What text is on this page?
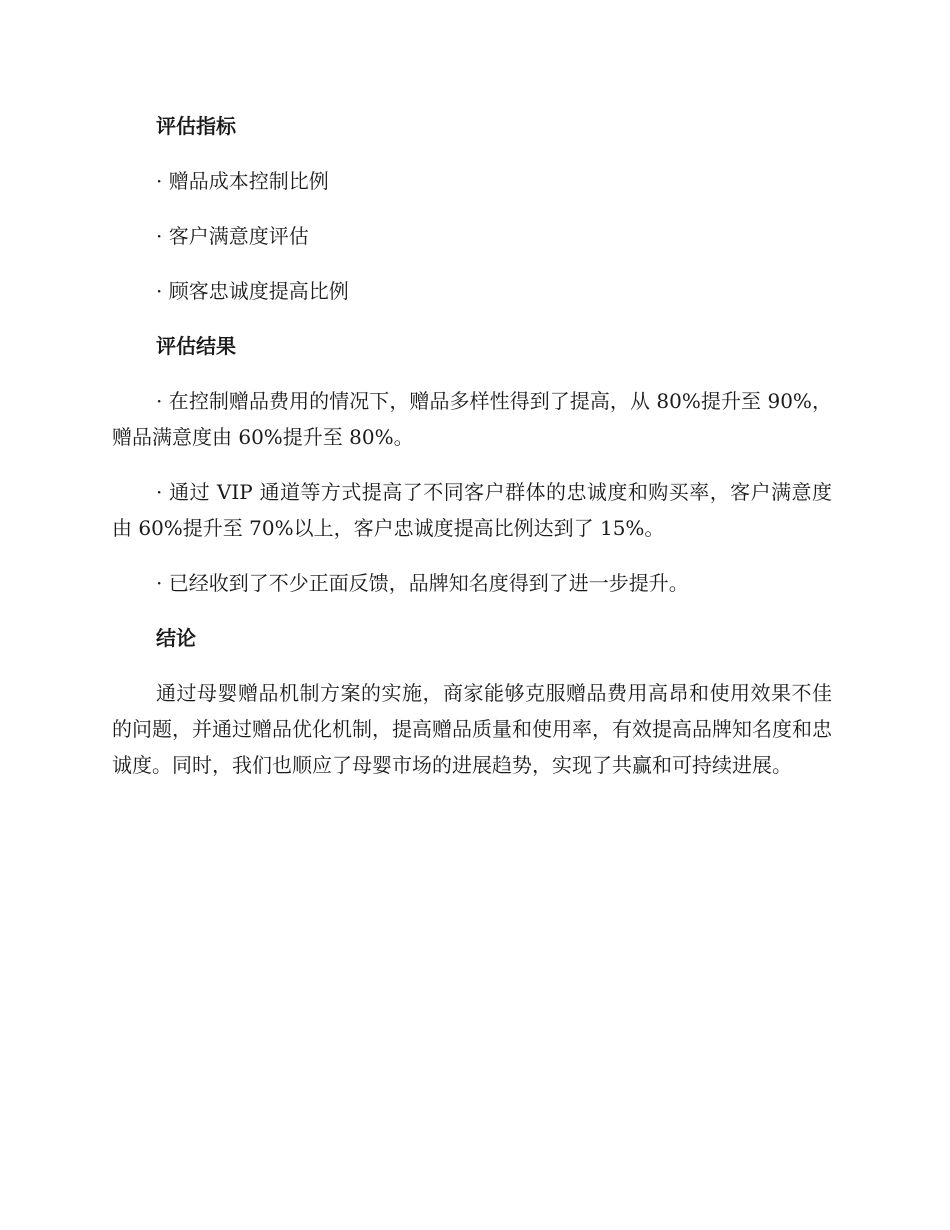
评估指标
· 赠品成本控制比例
· 客户满意度评估
· 顾客忠诚度提高比例
评估结果
· 在控制赠品费用的情况下，赠品多样性得到了提高，从 80%提升至 90%，赠品满意度由 60%提升至 80%。
· 通过 VIP 通道等方式提高了不同客户群体的忠诚度和购买率，客户满意度由 60%提升至 70%以上，客户忠诚度提高比例达到了 15%。
· 已经收到了不少正面反馈，品牌知名度得到了进一步提升。
结论
通过母婴赠品机制方案的实施，商家能够克服赠品费用高昂和使用效果不佳的问题，并通过赠品优化机制，提高赠品质量和使用率，有效提高品牌知名度和忠诚度。同时，我们也顺应了母婴市场的进展趋势，实现了共赢和可持续进展。
